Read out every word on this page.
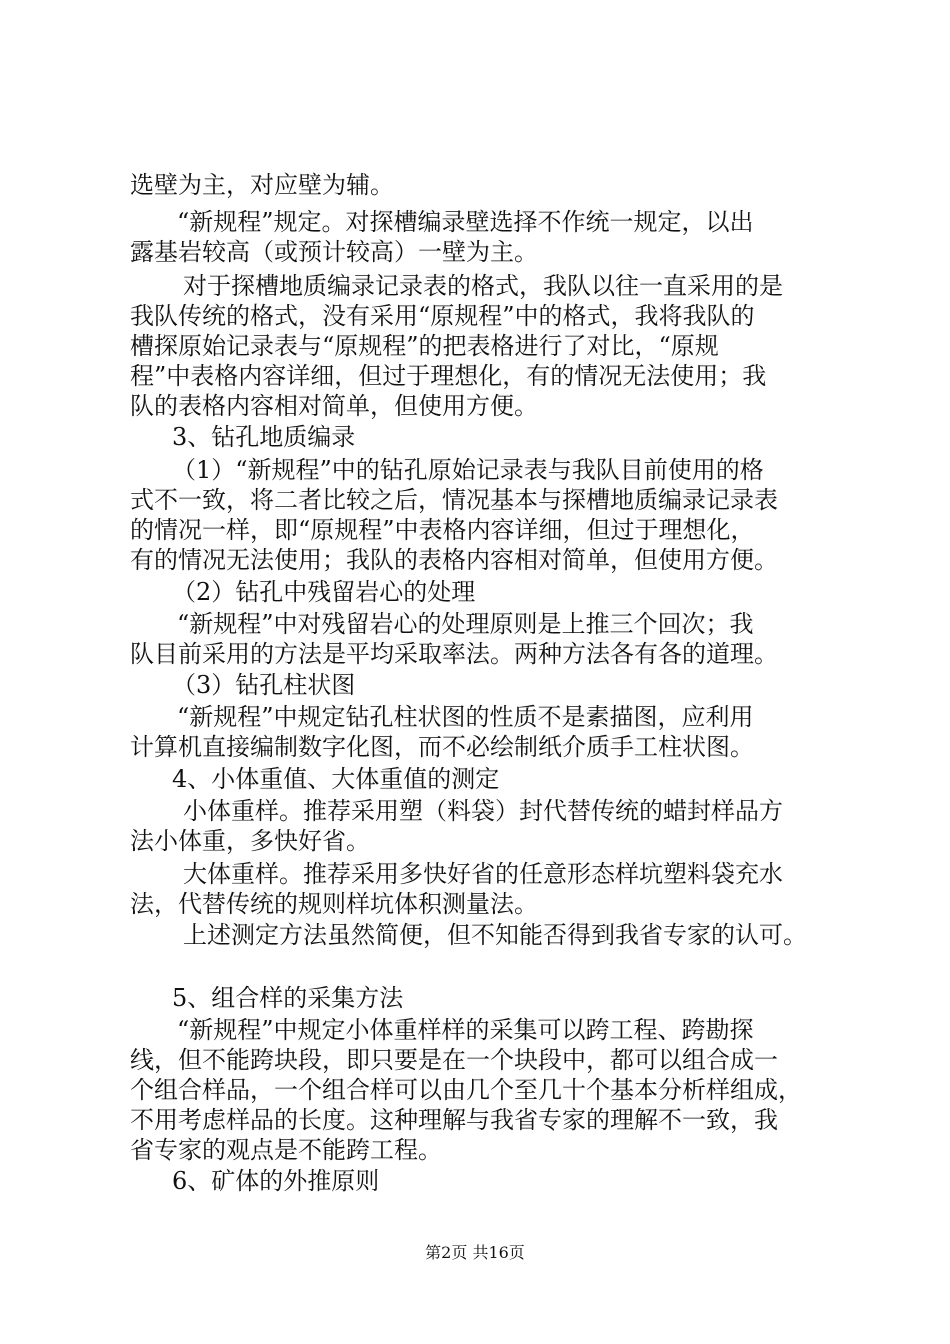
选壁为主，对应壁为辅。
“新规程”规定。对探槽编录壁选择不作统一规定，以出
露基岩较高（或预计较高）一壁为主。
对于探槽地质编录记录表的格式，我队以往一直采用的是
我队传统的格式，没有采用“原规程”中的格式，我将我队的
槽探原始记录表与“原规程”的把表格进行了对比，“原规
程”中表格内容详细，但过于理想化，有的情况无法使用；我
队的表格内容相对简单，但使用方便。
3、钻孔地质编录
（1）“新规程”中的钻孔原始记录表与我队目前使用的格
式不一致，将二者比较之后，情况基本与探槽地质编录记录表
的情况一样，即“原规程”中表格内容详细，但过于理想化，
有的情况无法使用；我队的表格内容相对简单，但使用方便。
（2）钻孔中残留岩心的处理
“新规程”中对残留岩心的处理原则是上推三个回次；我
队目前采用的方法是平均采取率法。两种方法各有各的道理。
（3）钻孔柱状图
“新规程”中规定钻孔柱状图的性质不是素描图，应利用
计算机直接编制数字化图，而不必绘制纸介质手工柱状图。
4、小体重值、大体重值的测定
小体重样。推荐采用塑（料袋）封代替传统的蜡封样品方
法小体重，多快好省。
大体重样。推荐采用多快好省的任意形态样坑塑料袋充水
法，代替传统的规则样坑体积测量法。
上述测定方法虽然简便，但不知能否得到我省专家的认可。
5、组合样的采集方法
“新规程”中规定小体重样样的采集可以跨工程、跨勘探
线，但不能跨块段，即只要是在一个块段中，都可以组合成一
个组合样品，一个组合样可以由几个至几十个基本分析样组成，
不用考虑样品的长度。这种理解与我省专家的理解不一致，我
省专家的观点是不能跨工程。
6、矿体的外推原则
第2页 共16页
